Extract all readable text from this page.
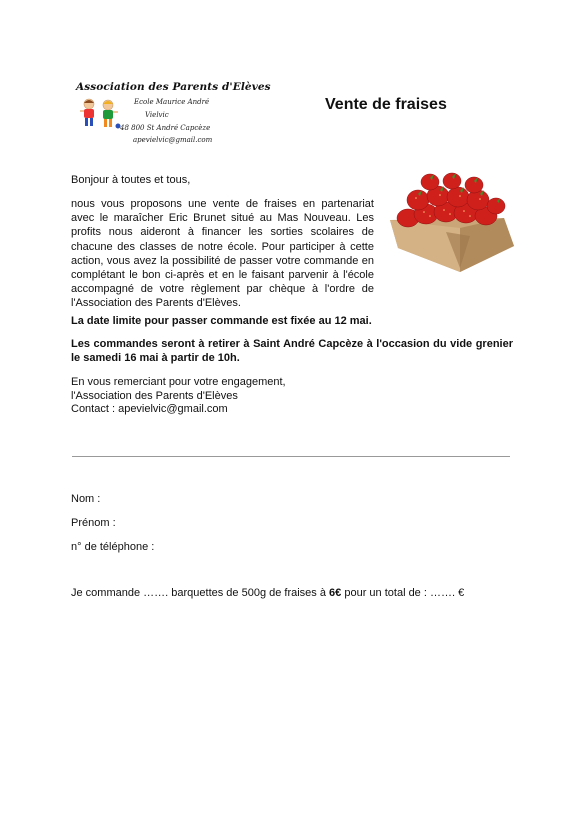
Association des Parents d'Elèves
Ecole Maurice André
Vielvic
48 800 St André Capcèze
apevielvic@gmail.com
Vente de fraises
Bonjour à toutes et tous,
nous vous proposons une vente de fraises en partenariat avec le maraîcher Eric Brunet situé au Mas Nouveau. Les profits nous aideront à financer les sorties scolaires de chacune des classes de notre école. Pour participer à cette action, vous avez la possibilité de passer votre commande en complétant le bon ci-après et en le faisant parvenir à l'école accompagné de votre règlement par chèque à l'ordre de l'Association des Parents d'Elèves.
La date limite pour passer commande est fixée au 12 mai.
Les commandes seront à retirer à Saint André Capcèze à l'occasion du vide grenier le samedi 16 mai à partir de 10h.
En vous remerciant pour votre engagement,
l'Association des Parents d'Elèves
Contact : apevielvic@gmail.com
Nom :
Prénom :
n° de téléphone :
Je commande ……. barquettes de 500g de fraises à 6€ pour un total de : ……. €
